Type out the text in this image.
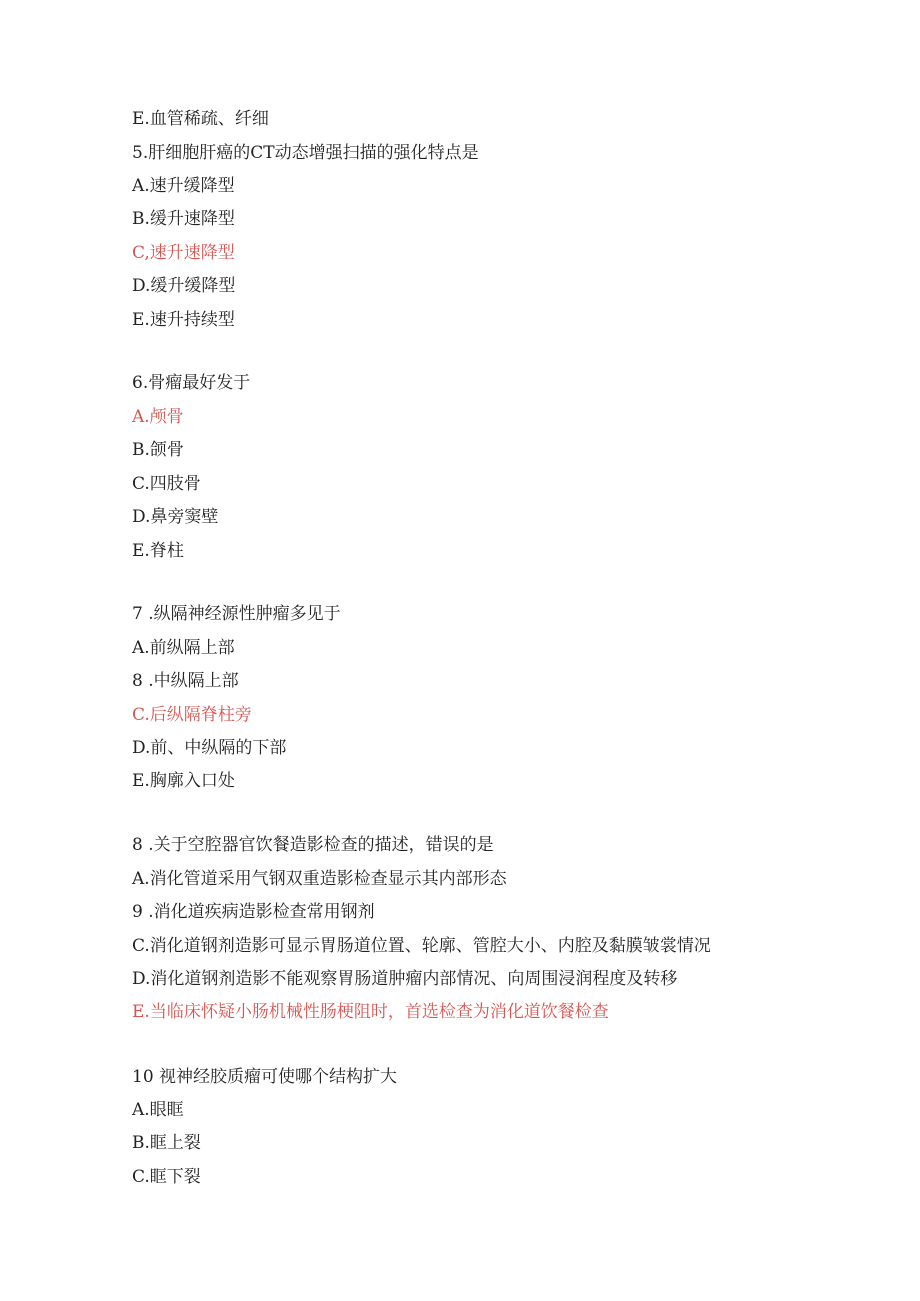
E.血管稀疏、纤细
5.肝细胞肝癌的CT动态增强扫描的强化特点是
A.速升缓降型
B.缓升速降型
C,速升速降型
D.缓升缓降型
E.速升持续型
6.骨瘤最好发于
A.颅骨
B.颌骨
C.四肢骨
D.鼻旁窦壁
E.脊柱
7 .纵隔神经源性肿瘤多见于
A.前纵隔上部
8 .中纵隔上部
C.后纵隔脊柱旁
D.前、中纵隔的下部
E.胸廓入口处
8 .关于空腔器官饮餐造影检查的描述，错误的是
A.消化管道采用气钢双重造影检查显示其内部形态
9 .消化道疾病造影检查常用钢剂
C.消化道钢剂造影可显示胃肠道位置、轮廓、管腔大小、内腔及黏膜皱裳情况
D.消化道钢剂造影不能观察胃肠道肿瘤内部情况、向周围浸润程度及转移
E.当临床怀疑小肠机械性肠梗阻时，首选检查为消化道饮餐检查
10 视神经胶质瘤可使哪个结构扩大
A.眼眶
B.眶上裂
C.眶下裂
